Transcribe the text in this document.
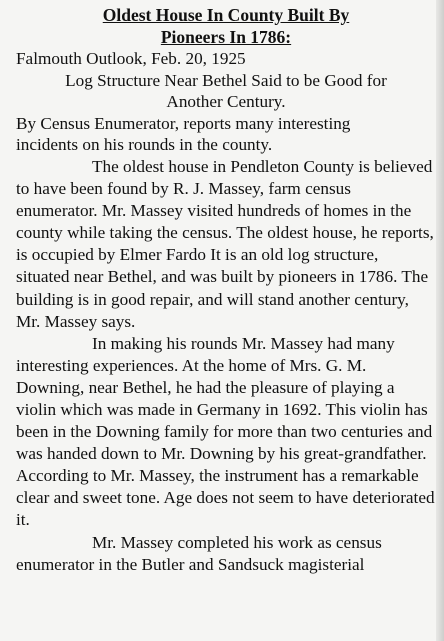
Oldest House In County Built By

Pioneers In 1786:

Falmouth Outlook, Feb. 20, 1925

Log Structure Near Bethel Said to be Good for

Another Century.

By Census Enumerator, reports many interesting

incidents on his rounds in the county.

The oldest house in Pendleton County is believed to have been found by R. J. Massey, farm census enumerator. Mr. Massey visited hundreds of homes in the county while taking the census. The oldest house, he reports, is occupied by Elmer Fardo It is an old log structure, situated near Bethel, and was built by pioneers in 1786. The building is in good repair, and will stand another century, Mr. Massey says.

In making his rounds Mr. Massey had many interesting experiences. At the home of Mrs. G. M. Downing, near Bethel, he had the pleasure of playing a violin which was made in Germany in 1692. This violin has been in the Downing family for more than two centuries and was handed down to Mr. Downing by his great-grandfather. According to Mr. Massey, the instrument has a remarkable clear and sweet tone. Age does not seem to have deteriorated it.

Mr. Massey completed his work as census enumerator in the Butler and Sandsuck magisterial
